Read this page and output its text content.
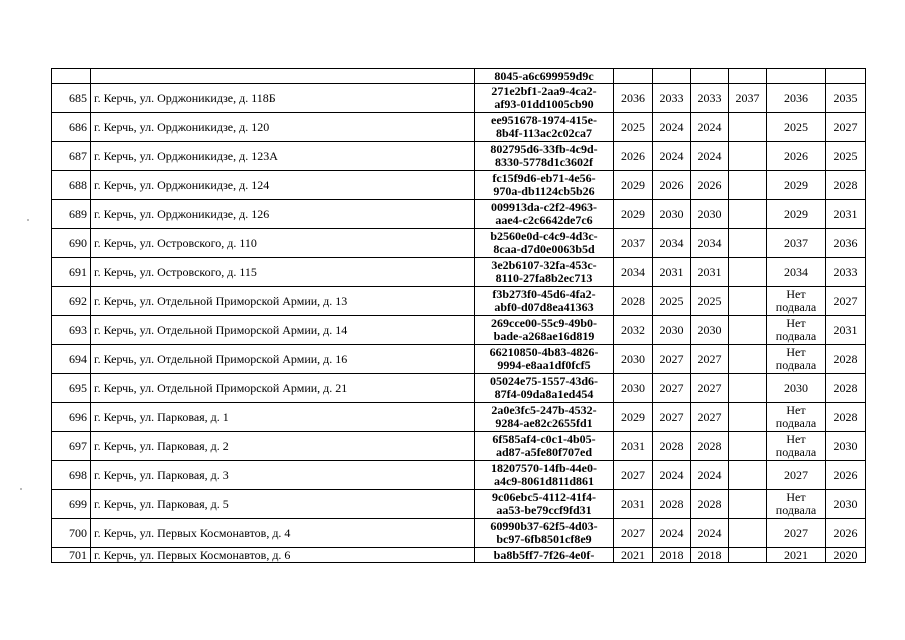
		8045-a6c699959d9c						
685	г. Керчь, ул. Орджоникидзе, д. 118Б	271e2bf1-2aa9-4ca2-
af93-01dd1005cb90	2036	2033	2033	2037	2036	2035
686	г. Керчь, ул. Орджоникидзе, д. 120	ee951678-1974-415e-
8b4f-113ac2c02ca7	2025	2024	2024		2025	2027
687	г. Керчь, ул. Орджоникидзе, д. 123А	802795d6-33fb-4c9d-
8330-5778d1c3602f	2026	2024	2024		2026	2025
688	г. Керчь, ул. Орджоникидзе, д. 124	fc15f9d6-eb71-4e56-
970a-db1124cb5b26	2029	2026	2026		2029	2028
689	г. Керчь, ул. Орджоникидзе, д. 126	009913da-c2f2-4963-
aae4-c2c6642de7c6	2029	2030	2030		2029	2031
690	г. Керчь, ул. Островского, д. 110	b2560e0d-c4c9-4d3c-
8caa-d7d0e0063b5d	2037	2034	2034		2037	2036
691	г. Керчь, ул. Островского, д. 115	3e2b6107-32fa-453c-
8110-27fa8b2ec713	2034	2031	2031		2034	2033
692	г. Керчь, ул. Отдельной Приморской Армии, д. 13	f3b273f0-45d6-4fa2-
abf0-d07d8ea41363	2028	2025	2025		Нет
подвала	2027
693	г. Керчь, ул. Отдельной Приморской Армии, д. 14	269cce00-55c9-49b0-
bade-a268ae16d819	2032	2030	2030		Нет
подвала	2031
694	г. Керчь, ул. Отдельной Приморской Армии, д. 16	66210850-4b83-4826-
9994-e8aa1df0fcf5	2030	2027	2027		Нет
подвала	2028
695	г. Керчь, ул. Отдельной Приморской Армии, д. 21	05024e75-1557-43d6-
87f4-09da8a1ed454	2030	2027	2027		2030	2028
696	г. Керчь, ул. Парковая, д. 1	2a0e3fc5-247b-4532-
9284-ae82c2655fd1	2029	2027	2027		Нет
подвала	2028
697	г. Керчь, ул. Парковая, д. 2	6f585af4-c0c1-4b05-
ad87-a5fe80f707ed	2031	2028	2028		Нет
подвала	2030
698	г. Керчь, ул. Парковая, д. 3	18207570-14fb-44e0-
a4c9-8061d811d861	2027	2024	2024		2027	2026
699	г. Керчь, ул. Парковая, д. 5	9c06ebc5-4112-41f4-
aa53-be79ccf9fd31	2031	2028	2028		Нет
подвала	2030
700	г. Керчь, ул. Первых Космонавтов, д. 4	60990b37-62f5-4d03-
bc97-6fb8501cf8e9	2027	2024	2024		2027	2026
701	г. Керчь, ул. Первых Космонавтов, д. 6	ba8b5ff7-7f26-4e0f-	2021	2018	2018		2021	2020
